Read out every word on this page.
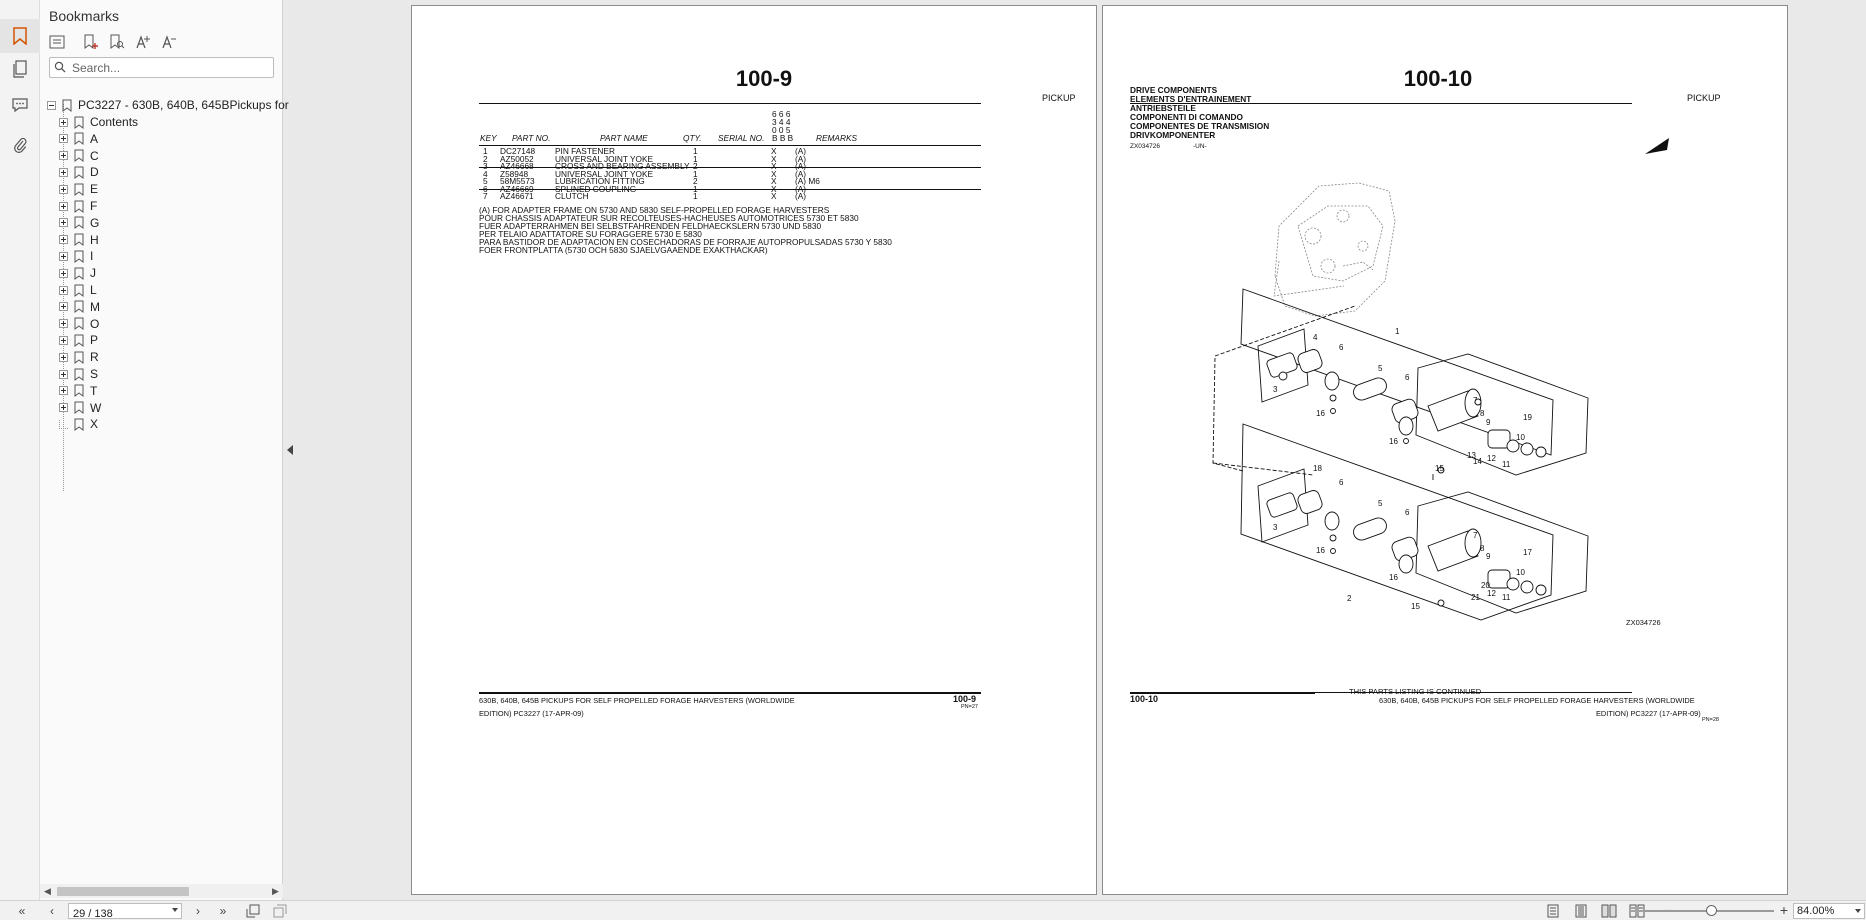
Bookmarks
Search...
PC3227 - 630B, 640B, 645BPickups for
Contents
A
C
D
E
F
G
H
I
J
L
M
O
P
R
S
T
W
X
◀	▶
100-9
PICKUP
6 6 6
3 4 4
0 0 5
B B B
KEY PART NO.	PART NAME	QTY. SERIAL NO.	REMARKS
1 DC27148 PIN FASTENER	1	X (A)
2 AZ50052	UNIVERSAL JOINT YOKE	1	X (A)
3 AZ46668	CROSS AND BEARING ASSEMBLY 2	X (A)
4 Z58948	UNIVERSAL JOINT YOKE	1	X (A)
5 58M5573 LUBRICATION FITTING	2	X (A) M6
6 AZ46669	SPLINED COUPLING	1	X (A)
7 AZ46671	CLUTCH	1	X (A)
(A) FOR ADAPTER FRAME ON 5730 AND 5830 SELF-PROPELLED FORAGE HARVESTERS
POUR CHASSIS ADAPTATEUR SUR RECOLTEUSES-HACHEUSES AUTOMOTRICES 5730 ET 5830
FUER ADAPTERRAHMEN BEI SELBSTFAHRENDEN FELDHAECKSLERN 5730 UND 5830
PER TELAIO ADATTATORE SU FORAGGERE 5730 E 5830
PARA BASTIDOR DE ADAPTACION EN COSECHADORAS DE FORRAJE AUTOPROPULSADAS 5730 Y 5830
FOER FRONTPLATTA (5730 OCH 5830 SJAELVGAAENDE EXAKTHACKAR)
630B, 640B, 645B PICKUPS FOR SELF PROPELLED FORAGE HARVESTERS (WORLDWIDE
EDITION) PC3227 (17-APR-09)
100-9
PN=27
100-10
PICKUP
DRIVE COMPONENTS
ELEMENTS D'ENTRAINEMENT
ANTRIEBSTEILE
COMPONENTI DI COMANDO
COMPONENTES DE TRANSMISION
DRIVKOMPONENTER
ZX034726	-UN-
1
4
6
3
5
6
7
8
9
19
10
16
16
13
14 12
11
15
18
6
5
6
3
7
8
9	17
16
16
20
10
21 12 11
2
15
ZX034726
THIS PARTS LISTING IS CONTINUED
100-10	630B, 640B, 645B PICKUPS FOR SELF PROPELLED FORAGE HARVESTERS (WORLDWIDE
EDITION) PC3227 (17-APR-09)
PN=28
«	‹
29 / 138	›	»	+ 84.00%
